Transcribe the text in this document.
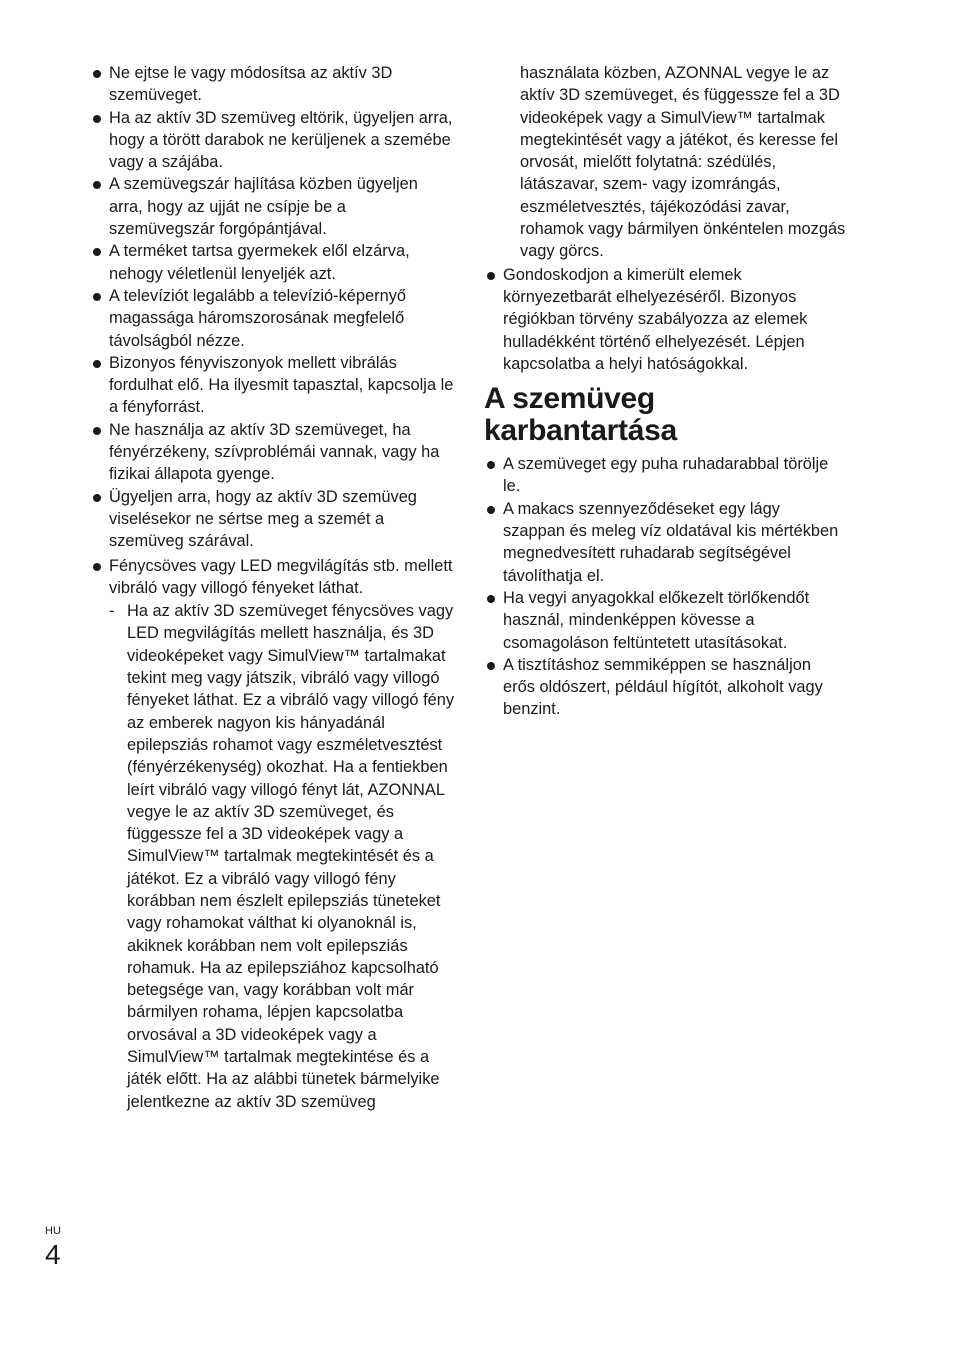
Ne ejtse le vagy módosítsa az aktív 3D szemüveget.
Ha az aktív 3D szemüveg eltörik, ügyeljen arra, hogy a törött darabok ne kerüljenek a szemébe vagy a szájába.
A szemüvegszár hajlítása közben ügyeljen arra, hogy az ujját ne csípje be a szemüvegszár forgópántjával.
A terméket tartsa gyermekek elől elzárva, nehogy véletlenül lenyeljék azt.
A televíziót legalább a televízió-képernyő magassága háromszorosának megfelelő távolságból nézze.
Bizonyos fényviszonyok mellett vibrálás fordulhat elő. Ha ilyesmit tapasztal, kapcsolja le a fényforrást.
Ne használja az aktív 3D szemüveget, ha fényérzékeny, szívproblémái vannak, vagy ha fizikai állapota gyenge.
Ügyeljen arra, hogy az aktív 3D szemüveg viselésekor ne sértse meg a szemét a szemüveg szárával.
Fénycsöves vagy LED megvilágítás stb. mellett vibráló vagy villogó fényeket láthat.
- Ha az aktív 3D szemüveget fénycsöves vagy LED megvilágítás mellett használja, és 3D videoképeket vagy SimulView™ tartalmakat tekint meg vagy játszik, vibráló vagy villogó fényeket láthat. Ez a vibráló vagy villogó fény az emberek nagyon kis hányadánál epilepsziás rohamot vagy eszméletvesztést (fényérzékenység) okozhat. Ha a fentiekben leírt vibráló vagy villogó fényt lát, AZONNAL vegye le az aktív 3D szemüveget, és függessze fel a 3D videoképek vagy a SimulView™ tartalmak megtekintését és a játékot. Ez a vibráló vagy villogó fény korábban nem észlelt epilepsziás tüneteket vagy rohamokat válthat ki olyanoknál is, akiknek korábban nem volt epilepsziás rohamuk. Ha az epilepsziához kapcsolható betegsége van, vagy korábban volt már bármilyen rohama, lépjen kapcsolatba orvosával a 3D videoképek vagy a SimulView™ tartalmak megtekintése és a játék előtt. Ha az alábbi tünetek bármelyike jelentkezne az aktív 3D szemüveg
használata közben, AZONNAL vegye le az aktív 3D szemüveget, és függessze fel a 3D videoképek vagy a SimulView™ tartalmak megtekintését vagy a játékot, és keresse fel orvosát, mielőtt folytatná: szédülés, látászavar, szem- vagy izomrángás, eszméletvesztés, tájékozódási zavar, rohamok vagy bármilyen önkéntelen mozgás vagy görcs.
Gondoskodjon a kimerült elemek környezetbarát elhelyezéséről. Bizonyos régiókban törvény szabályozza az elemek hulladékként történő elhelyezését. Lépjen kapcsolatba a helyi hatóságokkal.
A szemüveg karbantartása
A szemüveget egy puha ruhadarabbal törölje le.
A makacs szennyeződéseket egy lágy szappan és meleg víz oldatával kis mértékben megnedvesített ruhadarab segítségével távolíthatja el.
Ha vegyi anyagokkal előkezelt törlőkendőt használ, mindenképpen kövesse a csomagoláson feltüntetett utasításokat.
A tisztításhoz semmiképpen se használjon erős oldószert, például hígítót, alkoholt vagy benzint.
HU
4
